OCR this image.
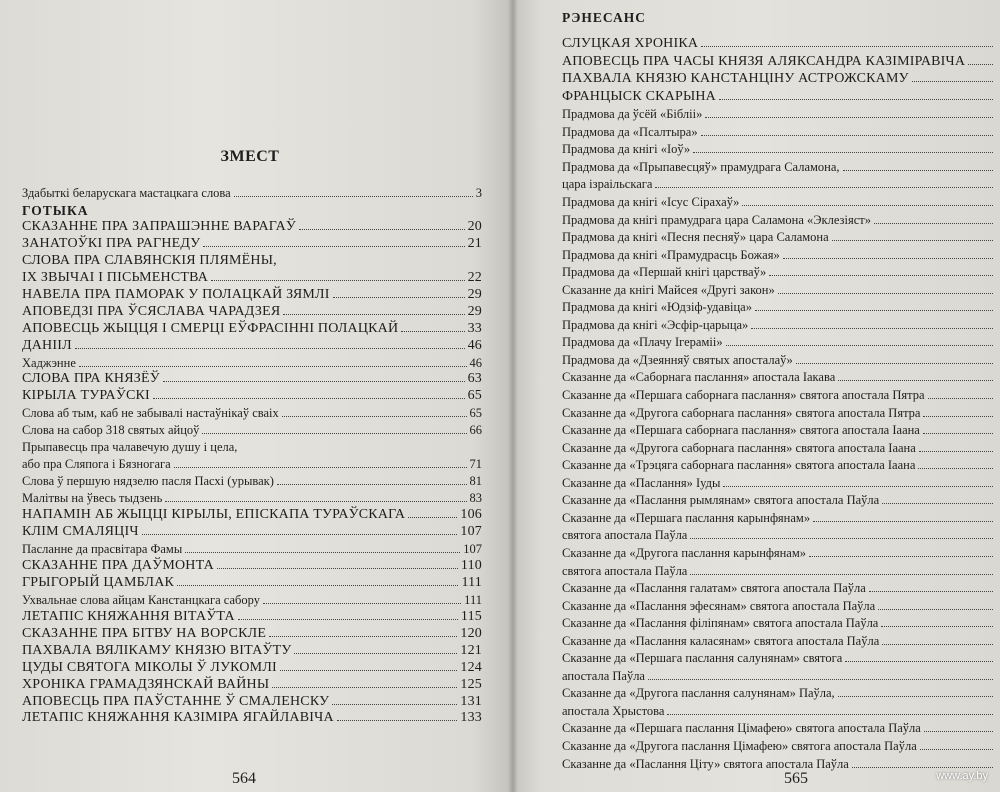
ЗМЕСТ
Здабыткі беларускага мастацкага слова	3
ГОТЫКА
СКАЗАННЕ ПРА ЗАПРАШЭННЕ ВАРАГАЎ	20
ЗАНАТОЎКІ ПРА РАГНЕДУ	21
СЛОВА ПРА СЛАВЯНСКІЯ ПЛЯМЁНЫ,
ІХ ЗВЫЧАІ І ПІСЬМЕНСТВА	22
НАВЕЛА ПРА ПАМОРАК У ПОЛАЦКАЙ ЗЯМЛІ	29
АПОВЕДЗІ ПРА ЎСЯСЛАВА ЧАРАДЗЕЯ	29
АПОВЕСЦЬ ЖЫЦЦЯ І СМЕРЦІ ЕЎФРАСІННІ ПОЛАЦКАЙ	33
ДАНІІЛ	46
Хаджэнне	46
СЛОВА ПРА КНЯЗЁЎ	63
КІРЫЛА ТУРАЎСКІ	65
Слова аб тым, каб не забывалі настаўнікаў сваіх	65
Слова на сабор 318 святых айцоў	66
Прыпавесць пра чалавечую душу і цела,
або пра Сляпога і Бязногага	71
Слова ў першую нядзелю пасля Пасхі (урывак)	81
Малітвы на ўвесь тыдзень	83
НАПАМІН АБ ЖЫЦЦІ КІРЫЛЫ, ЕПІСКАПА ТУРАЎСКАГА	106
КЛІМ СМАЛЯЦІЧ	107
Пасланне да прасвітара Фамы	107
СКАЗАННЕ ПРА ДАЎМОНТА	110
ГРЫГОРЫЙ ЦАМБЛАК	111
Ухвальнае слова айцам Канстанцкага сабору	111
ЛЕТАПІС КНЯЖАННЯ ВІТАЎТА	115
СКАЗАННЕ ПРА БІТВУ НА ВОРСКЛЕ	120
ПАХВАЛА ВЯЛІКАМУ КНЯЗЮ ВІТАЎТУ	121
ЦУДЫ СВЯТОГА МІКОЛЫ Ў ЛУКОМЛІ	124
ХРОНІКА ГРАМАДЗЯНСКАЙ ВАЙНЫ	125
АПОВЕСЦЬ ПРА ПАЎСТАННЕ Ў СМАЛЕНСКУ	131
ЛЕТАПІС КНЯЖАННЯ КАЗІМІРА ЯГАЙЛАВІЧА	133
564
РЭНЕСАНС
СЛУЦКАЯ ХРОНІКА
АПОВЕСЦЬ ПРА ЧАСЫ КНЯЗЯ АЛЯКСАНДРА КАЗІМІРАВІЧА
ПАХВАЛА КНЯЗЮ КАНСТАНЦІНУ АСТРОЖСКАМУ
ФРАНЦЫСК СКАРЫНА
Прадмова да ўсёй «Бібліі»
Прадмова да «Псалтыра»
Прадмова да кнігі «Іоў»
Прадмова да «Прыпавесцяў» прамудрага Саламона,
цара ізраільскага
Прадмова да кнігі «Ісус Сірахаў»
Прадмова да кнігі прамудрага цара Саламона «Эклезіяст»
Прадмова да кнігі «Песня песняў» цара Саламона
Прадмова да кнігі «Прамудрасць Божая»
Прадмова да «Першай кнігі царстваў»
Сказанне да кнігі Майсея «Другі закон»
Прадмова да кнігі «Юдзіф-удавіца»
Прадмова да кнігі «Эсфір-царыца»
Прадмова да «Плачу Ігераміі»
Прадмова да «Дзеянняў святых апосталаў»
Сказанне да «Саборнага паслання» апостала Іакава
Сказанне да «Першага саборнага паслання» святога апостала Пятра
Сказанне да «Другога саборнага паслання» святога апостала Пятра
Сказанне да «Першага саборнага паслання» святога апостала Іаана
Сказанне да «Другога саборнага паслання» святога апостала Іаана
Сказанне да «Трэцяга саборнага паслання» святога апостала Іаана
Сказанне да «Паслання» Іуды
Сказанне да «Паслання рымлянам» святога апостала Паўла
Сказанне да «Першага паслання карынфянам»
святога апостала Паўла
Сказанне да «Другога паслання карынфянам»
святога апостала Паўла
Сказанне да «Паслання галатам» святога апостала Паўла
Сказанне да «Паслання эфесянам» святога апостала Паўла
Сказанне да «Паслання філіпянам» святога апостала Паўла
Сказанне да «Паслання каласянам» святога апостала Паўла
Сказанне да «Першага паслання салунянам» святога
апостала Паўла
Сказанне да «Другога паслання салунянам» Паўла,
апостала Хрыстова
Сказанне да «Першага паслання Цімафею» святога апостала Паўла
Сказанне да «Другога паслання Цімафею» святога апостала Паўла
Сказанне да «Паслання Ціту» святога апостала Паўла
565	www.ay.by
